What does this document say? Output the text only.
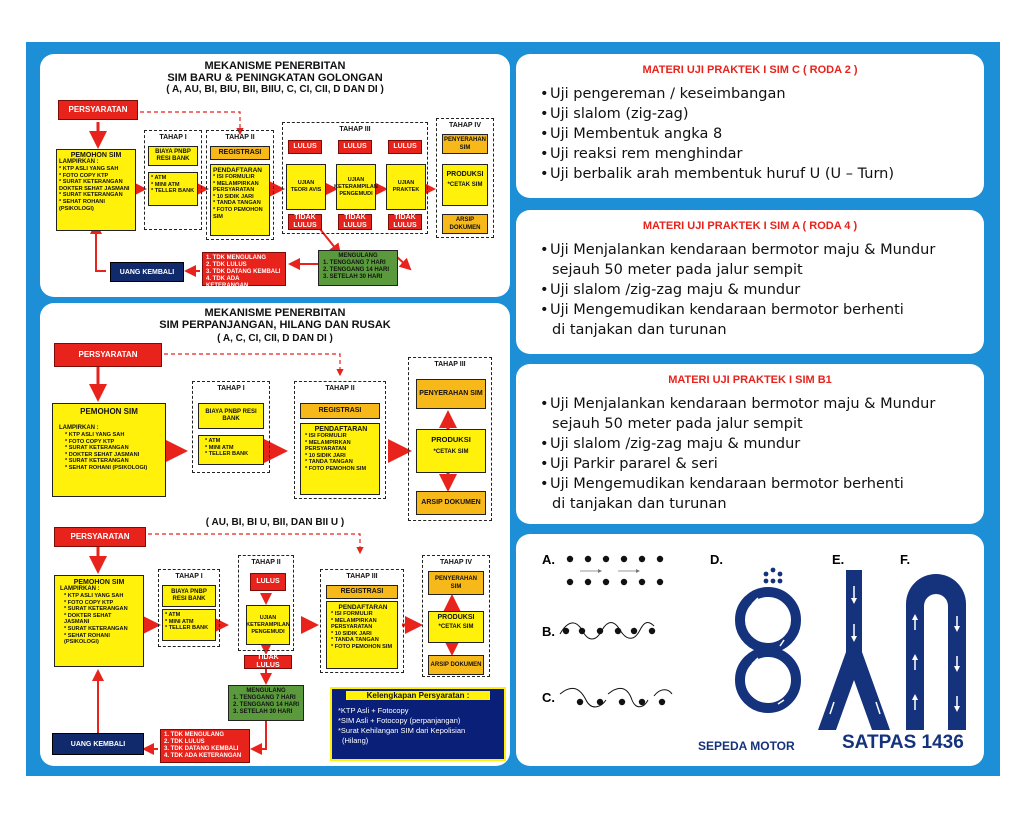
MEKANISME PENERBITAN
SIM BARU & PENINGKATAN GOLONGAN
( A, AU, BI, BIU, BII, BIIU, C, CI, CII, D DAN DI )
PERSYARATAN
PEMOHON SIM
LAMPIRKAN :
* KTP ASLI YANG SAH
* FOTO COPY KTP
* SURAT KETERANGAN DOKTER SEHAT JASMANI
* SURAT KETERANGAN
* SEHAT ROHANI (PSIKOLOGI)
TAHAP I
BIAYA PNBP RESI BANK
* ATM
* MINI ATM
* TELLER BANK
TAHAP II
REGISTRASI
PENDAFTARAN
* ISI FORMULIR
* MELAMPIRKAN PERSYARATAN
* 10 SIDIK JARI
* TANDA TANGAN
* FOTO PEMOHON SIM
TAHAP III
LULUS	LULUS	LULUS
UJIAN TEORI AVIS
UJIAN KETERAMPILAN PENGEMUDI
UJIAN PRAKTEK
TIDAK LULUS
TIDAK LULUS
TIDAK LULUS
TAHAP IV
PENYERAHAN SIM
PRODUKSI
*CETAK SIM
ARSIP DOKUMEN
MENGULANG
1. TENGGANG 7 HARI
2. TENGGANG 14 HARI
3. SETELAH 30 HARI
1. TDK MENGULANG
2. TDK LULUS
3. TDK DATANG KEMBALI
4. TDK ADA KETERANGAN
UANG KEMBALI
MEKANISME PENERBITAN
SIM PERPANJANGAN, HILANG DAN RUSAK
( A, C, CI, CII, D DAN DI )
PERSYARATAN
PEMOHON SIM
LAMPIRKAN :
* KTP ASLI YANG SAH
* FOTO COPY KTP
* SURAT KETERANGAN
* DOKTER SEHAT JASMANI
* SURAT KETERANGAN
* SEHAT ROHANI (PSIKOLOGI)
TAHAP I
BIAYA PNBP RESI BANK
* ATM
* MINI ATM
* TELLER BANK
TAHAP II
REGISTRASI
PENDAFTARAN
* ISI FORMULIR
* MELAMPIRKAN PERSYARATAN
* 10 SIDIK JARI
* TANDA TANGAN
* FOTO PEMOHON SIM
TAHAP III
PENYERAHAN SIM
PRODUKSI
*CETAK SIM
ARSIP DOKUMEN
( AU, BI, BI U, BII, DAN BII U )
PERSYARATAN
PEMOHON SIM
LAMPIRKAN :
* KTP ASLI YANG SAH
* FOTO COPY KTP
* SURAT KETERANGAN
* DOKTER SEHAT JASMANI
* SURAT KETERANGAN
* SEHAT ROHANI (PSIKOLOGI)
TAHAP I
BIAYA PNBP RESI BANK
* ATM
* MINI ATM
* TELLER BANK
TAHAP II
LULUS
UJIAN KETERAMPILAN PENGEMUDI
TIDAK LULUS
TAHAP III
REGISTRASI
PENDAFTARAN
* ISI FORMULIR
* MELAMPIRKAN PERSYARATAN
* 10 SIDIK JARI
* TANDA TANGAN
* FOTO PEMOHON SIM
TAHAP IV
PENYERAHAN SIM
PRODUKSI
*CETAK SIM
ARSIP DOKUMEN
MENGULANG
1. TENGGANG 7 HARI
2. TENGGANG 14 HARI
3. SETELAH 30 HARI
1. TDK MENGULANG
2. TDK LULUS
3. TDK DATANG KEMBALI
4. TDK ADA KETERANGAN
UANG KEMBALI
Kelengkapan Persyaratan :
*KTP Asli + Fotocopy
*SIM Asli + Fotocopy (perpanjangan)
*Surat Kehilangan SIM dari Kepolisian
(Hilang)
MATERI UJI PRAKTEK I SIM C ( RODA 2 )
•Uji pengereman / keseimbangan
•Uji slalom (zig-zag)
•Uji Membentuk angka 8
•Uji reaksi rem menghindar
•Uji berbalik arah membentuk huruf U (U – Turn)
MATERI UJI PRAKTEK I SIM A ( RODA 4 )
•Uji Menjalankan kendaraan bermotor maju & Mundur
sejauh 50 meter pada jalur sempit
•Uji slalom /zig-zag maju & mundur
•Uji Mengemudikan kendaraan bermotor berhenti
di tanjakan dan turunan
MATERI UJI PRAKTEK I SIM B1
•Uji Menjalankan kendaraan bermotor maju & Mundur
sejauh 50 meter pada jalur sempit
•Uji slalom /zig-zag maju & mundur
•Uji Parkir pararel & seri
•Uji Mengemudikan kendaraan bermotor berhenti
di tanjakan dan turunan
A.
B.
C.
D.	E.	F.
SEPEDA MOTOR SATPAS 1436
